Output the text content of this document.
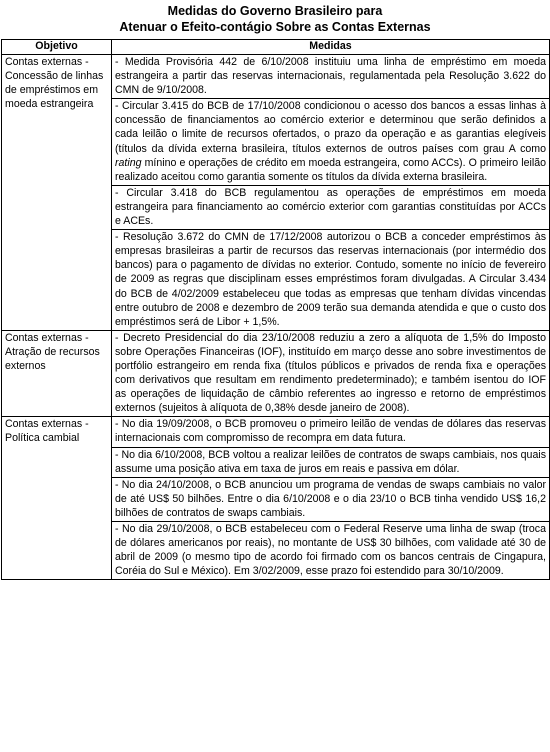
Medidas do Governo Brasileiro para
Atenuar o Efeito-contágio Sobre as Contas Externas
Objetivo	Medidas
Contas externas - Concessão de linhas de empréstimos em moeda estrangeira	- Medida Provisória 442 de 6/10/2008 instituiu uma linha de empréstimo em moeda estrangeira a partir das reservas internacionais, regulamentada pela Resolução 3.622 do CMN de 9/10/2008.
	- Circular 3.415 do BCB de 17/10/2008 condicionou o acesso dos bancos a essas linhas à concessão de financiamentos ao comércio exterior e determinou que serão definidos a cada leilão o limite de recursos ofertados, o prazo da operação e as garantias elegíveis (títulos da dívida externa brasileira, títulos externos de outros países com grau A como rating mínino e operações de crédito em moeda estrangeira, como ACCs). O primeiro leilão realizado aceitou como garantia somente os títulos da dívida externa brasileira.
	- Circular 3.418 do BCB regulamentou as operações de empréstimos em moeda estrangeira para financiamento ao comércio exterior com garantias constituídas por ACCs e ACEs.
	- Resolução 3.672 do CMN de 17/12/2008 autorizou o BCB a conceder empréstimos às empresas brasileiras a partir de recursos das reservas internacionais (por intermédio dos bancos) para o pagamento de dívidas no exterior. Contudo, somente no início de fevereiro de 2009 as regras que disciplinam esses empréstimos foram divulgadas. A Circular 3.434 do BCB de 4/02/2009 estabeleceu que todas as empresas que tenham dívidas vincendas entre outubro de 2008 e dezembro de 2009 terão sua demanda atendida e que o custo dos empréstimos será de Libor + 1,5%.
Contas externas - Atração de recursos externos	- Decreto Presidencial do dia 23/10/2008 reduziu a zero a alíquota de 1,5% do Imposto sobre Operações Financeiras (IOF), instituído em março desse ano sobre investimentos de portfólio estrangeiro em renda fixa (títulos públicos e privados de renda fixa e operações com derivativos que resultam em rendimento predeterminado); e também isentou do IOF as operações de liquidação de câmbio referentes ao ingresso e retorno de empréstimos externos (sujeitos à alíquota de 0,38% desde janeiro de 2008).
Contas externas - Política cambial	- No dia 19/09/2008, o BCB promoveu o primeiro leilão de vendas de dólares das reservas internacionais com compromisso de recompra em data futura.
	- No dia 6/10/2008, BCB voltou a realizar leilões de contratos de swaps cambiais, nos quais assume uma posição ativa em taxa de juros em reais e passiva em dólar.
	- No dia 24/10/2008, o BCB anunciou um programa de vendas de swaps cambiais no valor de até US$ 50 bilhões. Entre o dia 6/10/2008 e o dia 23/10 o BCB tinha vendido US$ 16,2 bilhões de contratos de swaps cambiais.
	- No dia 29/10/2008, o BCB estabeleceu com o Federal Reserve uma linha de swap (troca de dólares americanos por reais), no montante de US$ 30 bilhões, com validade até 30 de abril de 2009 (o mesmo tipo de acordo foi firmado com os bancos centrais de Cingapura, Coréia do Sul e México). Em 3/02/2009, esse prazo foi estendido para 30/10/2009.
